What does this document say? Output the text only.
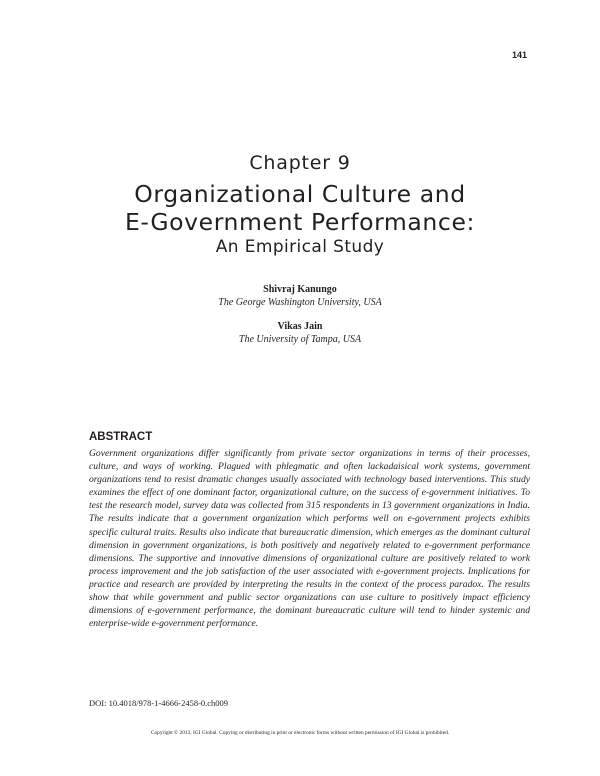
141
Chapter 9
Organizational Culture and
E-Government Performance:
An Empirical Study
Shivraj Kanungo
The George Washington University, USA
Vikas Jain
The University of Tampa, USA
ABSTRACT

Government organizations differ significantly from private sector organizations in terms of their processes, culture, and ways of working. Plagued with phlegmatic and often lackadaisical work systems, government organizations tend to resist dramatic changes usually associated with technology based interventions. This study examines the effect of one dominant factor, organizational culture, on the success of e-government initiatives. To test the research model, survey data was collected from 315 respondents in 13 government organizations in India. The results indicate that a government organization which performs well on e-government projects exhibits specific cultural traits. Results also indicate that bureaucratic dimension, which emerges as the dominant cultural dimension in government organizations, is both positively and negatively related to e-government performance dimensions. The supportive and innovative dimensions of organizational culture are positively related to work process improvement and the job satisfaction of the user associated with e-government projects. Implications for practice and research are provided by interpreting the results in the context of the process paradox. The results show that while government and public sector organizations can use culture to positively impact efficiency dimensions of e-government performance, the dominant bureaucratic culture will tend to hinder systemic and enterprise-wide e-government performance.

DOI: 10.4018/978-1-4666-2458-0.ch009
Copyright © 2013, IGI Global. Copying or distributing in print or electronic forms without written permission of IGI Global is prohibited.
